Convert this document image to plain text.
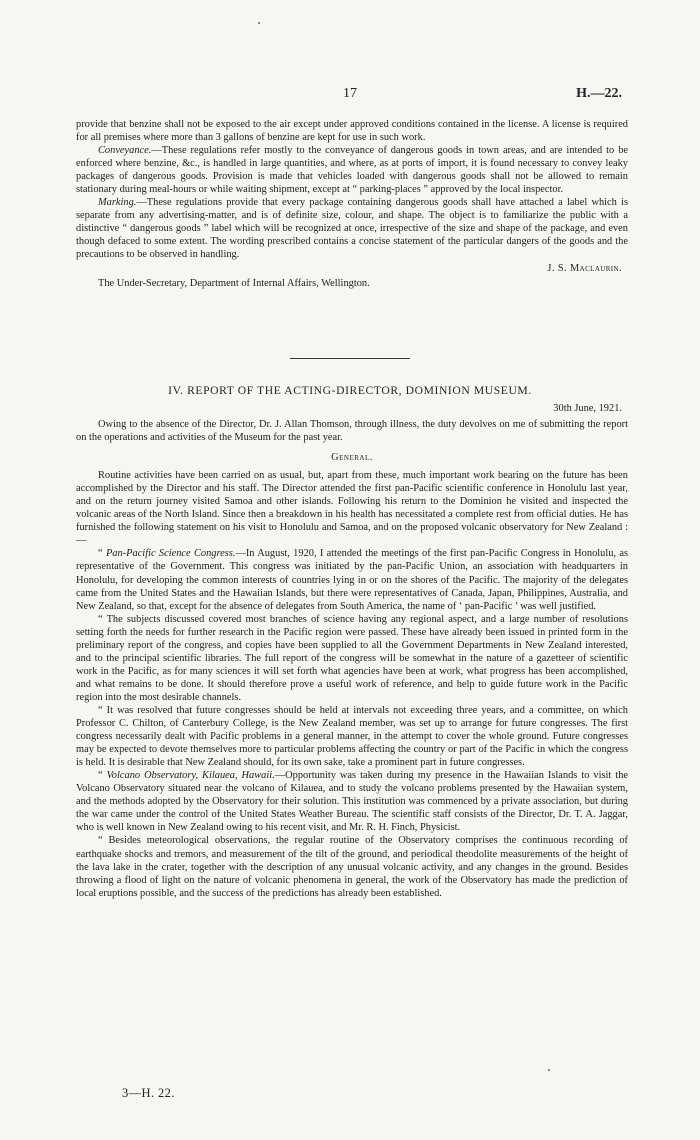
17	H.—22.

provide that benzine shall not be exposed to the air except under approved conditions contained in the license. A license is required for all premises where more than 3 gallons of benzine are kept for use in such work.

Conveyance.—These regulations refer mostly to the conveyance of dangerous goods in town areas, and are intended to be enforced where benzine, &c., is handled in large quantities, and where, as at ports of import, it is found necessary to convey leaky packages of dangerous goods. Provision is made that vehicles loaded with dangerous goods shall not be allowed to remain stationary during meal-hours or while waiting shipment, except at “ parking-places ” approved by the local inspector.

Marking.—These regulations provide that every package containing dangerous goods shall have attached a label which is separate from any advertising-matter, and is of definite size, colour, and shape. The object is to familiarize the public with a distinctive “ dangerous goods ” label which will be recognized at once, irrespective of the size and shape of the package, and even though defaced to some extent. The wording prescribed contains a concise statement of the particular dangers of the goods and the precautions to be observed in handling.

J. S. Maclaurin.

The Under-Secretary, Department of Internal Affairs, Wellington.

IV. REPORT OF THE ACTING-DIRECTOR, DOMINION MUSEUM.
30th June, 1921.

Owing to the absence of the Director, Dr. J. Allan Thomson, through illness, the duty devolves on me of submitting the report on the operations and activities of the Museum for the past year.

General.

Routine activities have been carried on as usual, but, apart from these, much important work bearing on the future has been accomplished by the Director and his staff. The Director attended the first pan-Pacific scientific conference in Honolulu last year, and on the return journey visited Samoa and other islands. Following his return to the Dominion he visited and inspected the volcanic areas of the North Island. Since then a breakdown in his health has necessitated a complete rest from official duties. He has furnished the following statement on his visit to Honolulu and Samoa, and on the proposed volcanic observatory for New Zealand :—

“ Pan-Pacific Science Congress.—In August, 1920, I attended the meetings of the first pan-Pacific Congress in Honolulu, as representative of the Government. This congress was initiated by the pan-Pacific Union, an association with headquarters in Honolulu, for developing the common interests of countries lying in or on the shores of the Pacific. The majority of the delegates came from the United States and the Hawaiian Islands, but there were representatives of Canada, Japan, Philippines, Australia, and New Zealand, so that, except for the absence of delegates from South America, the name of ‘ pan-Pacific ’ was well justified.

“ The subjects discussed covered most branches of science having any regional aspect, and a large number of resolutions setting forth the needs for further research in the Pacific region were passed. These have already been issued in printed form in the preliminary report of the congress, and copies have been supplied to all the Government Departments in New Zealand interested, and to the principal scientific libraries. The full report of the congress will be somewhat in the nature of a gazetteer of scientific work in the Pacific, as for many sciences it will set forth what agencies have been at work, what progress has been accomplished, and what remains to be done. It should therefore prove a useful work of reference, and help to guide future work in the Pacific region into the most desirable channels.

“ It was resolved that future congresses should be held at intervals not exceeding three years, and a committee, on which Professor C. Chilton, of Canterbury College, is the New Zealand member, was set up to arrange for future congresses. The first congress necessarily dealt with Pacific problems in a general manner, in the attempt to cover the whole ground. Future congresses may be expected to devote themselves more to particular problems affecting the country or part of the Pacific in which the congress is held. It is desirable that New Zealand should, for its own sake, take a prominent part in future congresses.

“ Volcano Observatory, Kilauea, Hawaii.—Opportunity was taken during my presence in the Hawaiian Islands to visit the Volcano Observatory situated near the volcano of Kilauea, and to study the volcano problems presented by the Hawaiian system, and the methods adopted by the Observatory for their solution. This institution was commenced by a private association, but during the war came under the control of the United States Weather Bureau. The scientific staff consists of the Director, Dr. T. A. Jaggar, who is well known in New Zealand owing to his recent visit, and Mr. R. H. Finch, Physicist.

“ Besides meteorological observations, the regular routine of the Observatory comprises the continuous recording of earthquake shocks and tremors, and measurement of the tilt of the ground, and periodical theodolite measurements of the height of the lava lake in the crater, together with the description of any unusual volcanic activity, and any changes in the ground. Besides throwing a flood of light on the nature of volcanic phenomena in general, the work of the Observatory has made the prediction of local eruptions possible, and the success of the predictions has already been established.

3—H. 22.
